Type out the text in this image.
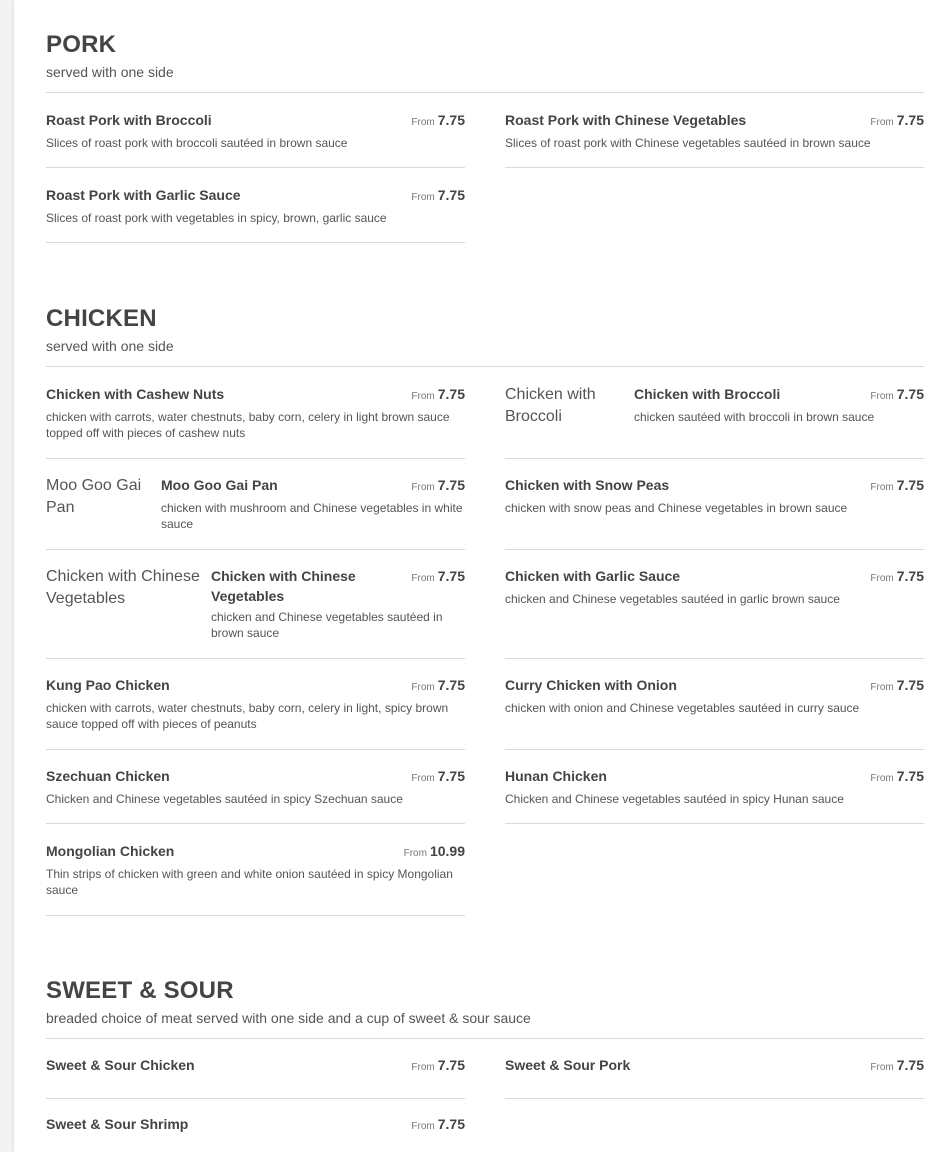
PORK
served with one side
Roast Pork with Broccoli	From 7.75
Slices of roast pork with broccoli sautéed in brown sauce
Roast Pork with Chinese Vegetables	From 7.75
Slices of roast pork with Chinese vegetables sautéed in brown sauce
Roast Pork with Garlic Sauce	From 7.75
Slices of roast pork with vegetables in spicy, brown, garlic sauce
CHICKEN
served with one side
Chicken with Cashew Nuts	From 7.75
chicken with carrots, water chestnuts, baby corn, celery in light brown sauce topped off with pieces of cashew nuts
Chicken with Broccoli
Chicken with Broccoli	From 7.75
chicken sautéed with broccoli in brown sauce
Moo Goo Gai Pan
Moo Goo Gai Pan	From 7.75
chicken with mushroom and Chinese vegetables in white sauce
Chicken with Snow Peas	From 7.75
chicken with snow peas and Chinese vegetables in brown sauce
Chicken with Chinese Vegetables
Chicken with Chinese Vegetables
From 7.75
chicken and Chinese vegetables sautéed in brown sauce
Chicken with Garlic Sauce	From 7.75
chicken and Chinese vegetables sautéed in garlic brown sauce
Kung Pao Chicken	From 7.75
chicken with carrots, water chestnuts, baby corn, celery in light, spicy brown sauce topped off with pieces of peanuts
Curry Chicken with Onion	From 7.75
chicken with onion and Chinese vegetables sautéed in curry sauce
Szechuan Chicken	From 7.75
Chicken and Chinese vegetables sautéed in spicy Szechuan sauce
Hunan Chicken	From 7.75
Chicken and Chinese vegetables sautéed in spicy Hunan sauce
Mongolian Chicken	From 10.99
Thin strips of chicken with green and white onion sautéed in spicy Mongolian sauce
SWEET & SOUR
breaded choice of meat served with one side and a cup of sweet & sour sauce
Sweet & Sour Chicken	From 7.75	Sweet & Sour Pork	From 7.75
Sweet & Sour Shrimp	From 7.75
